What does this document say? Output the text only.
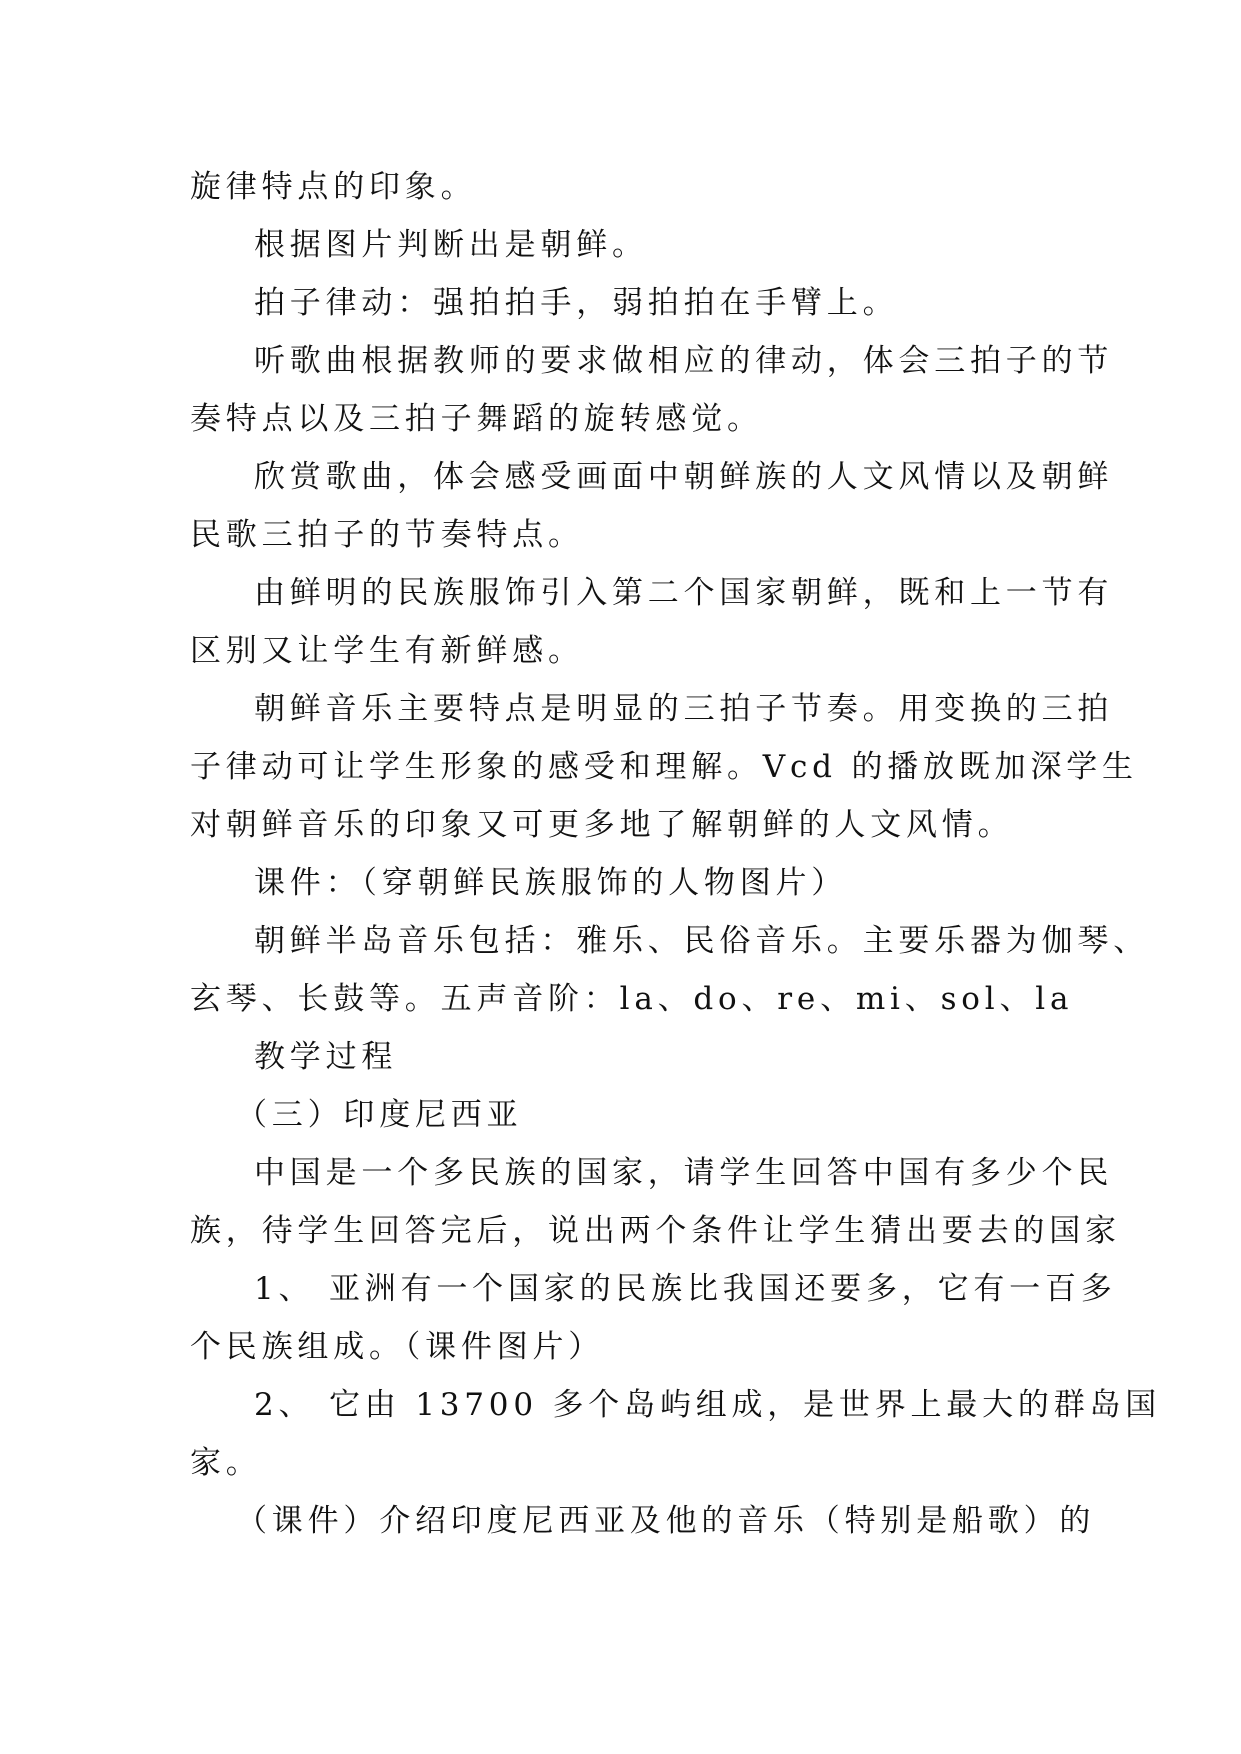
旋律特点的印象。
根据图片判断出是朝鲜。
拍子律动：强拍拍手，弱拍拍在手臂上。
听歌曲根据教师的要求做相应的律动，体会三拍子的节
奏特点以及三拍子舞蹈的旋转感觉。
欣赏歌曲，体会感受画面中朝鲜族的人文风情以及朝鲜
民歌三拍子的节奏特点。
由鲜明的民族服饰引入第二个国家朝鲜，既和上一节有
区别又让学生有新鲜感。
朝鲜音乐主要特点是明显的三拍子节奏。用变换的三拍
子律动可让学生形象的感受和理解。Vcd 的播放既加深学生
对朝鲜音乐的印象又可更多地了解朝鲜的人文风情。
课件：（穿朝鲜民族服饰的人物图片）
朝鲜半岛音乐包括：雅乐、民俗音乐。主要乐器为伽琴、
玄琴、长鼓等。五声音阶：la、do、re、mi、sol、la
教学过程
（三）印度尼西亚
中国是一个多民族的国家，请学生回答中国有多少个民
族，待学生回答完后，说出两个条件让学生猜出要去的国家
1、 亚洲有一个国家的民族比我国还要多，它有一百多
个民族组成。（课件图片）
2、 它由 13700 多个岛屿组成，是世界上最大的群岛国
家。
（课件）介绍印度尼西亚及他的音乐（特别是船歌）的
